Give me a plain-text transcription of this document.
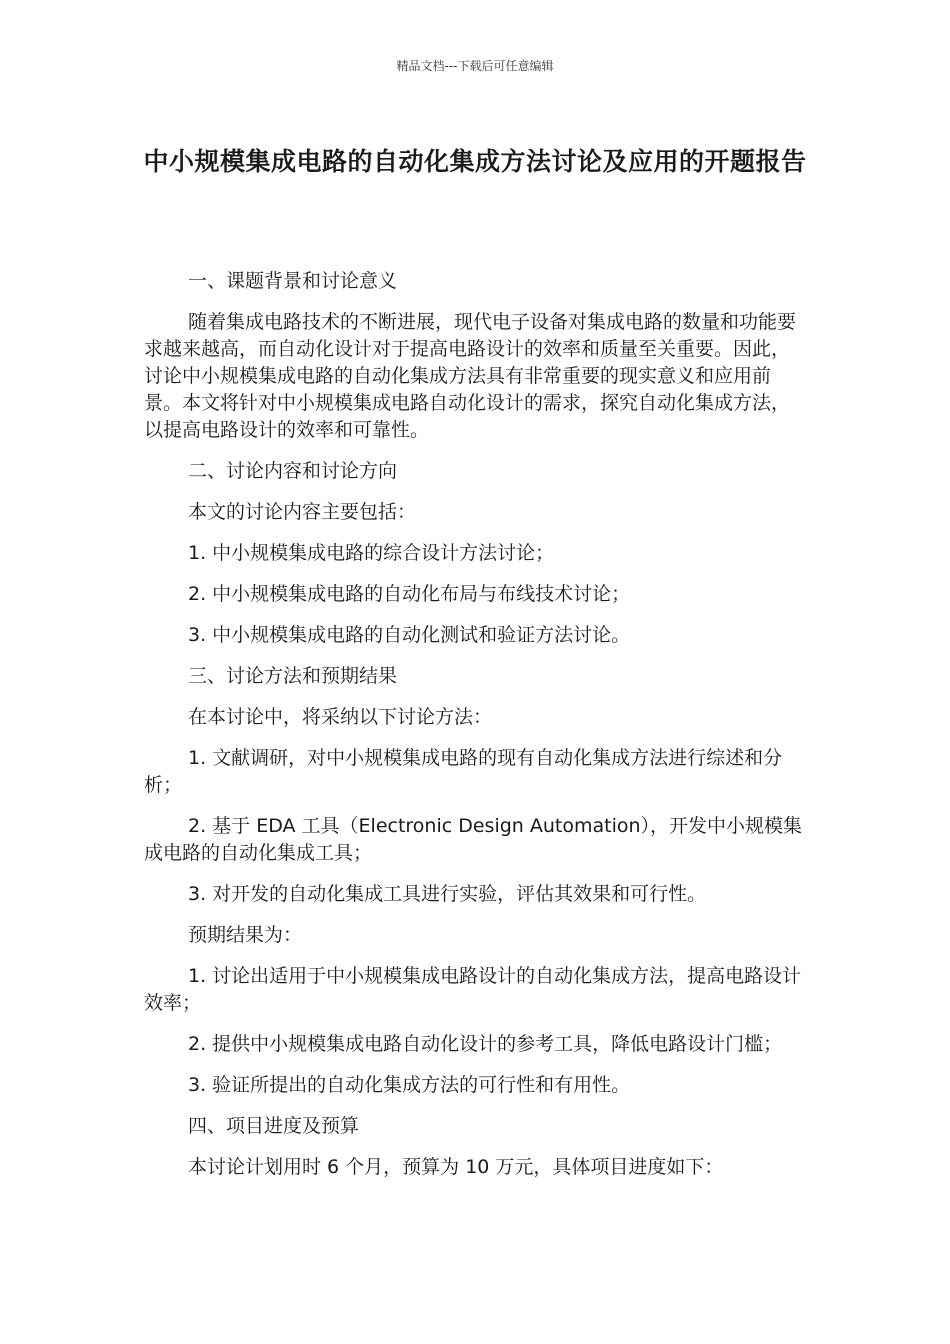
精品文档---下载后可任意编辑
中小规模集成电路的自动化集成方法讨论及应用的开题报告

一、课题背景和讨论意义

随着集成电路技术的不断进展，现代电子设备对集成电路的数量和功能要求越来越高，而自动化设计对于提高电路设计的效率和质量至关重要。因此，讨论中小规模集成电路的自动化集成方法具有非常重要的现实意义和应用前景。本文将针对中小规模集成电路自动化设计的需求，探究自动化集成方法，以提高电路设计的效率和可靠性。

二、讨论内容和讨论方向

本文的讨论内容主要包括：

1. 中小规模集成电路的综合设计方法讨论；

2. 中小规模集成电路的自动化布局与布线技术讨论；

3. 中小规模集成电路的自动化测试和验证方法讨论。

三、讨论方法和预期结果

在本讨论中，将采纳以下讨论方法：

1. 文献调研，对中小规模集成电路的现有自动化集成方法进行综述和分析；

2. 基于 EDA 工具（Electronic Design Automation），开发中小规模集成电路的自动化集成工具；

3. 对开发的自动化集成工具进行实验，评估其效果和可行性。

预期结果为：

1. 讨论出适用于中小规模集成电路设计的自动化集成方法，提高电路设计效率；

2. 提供中小规模集成电路自动化设计的参考工具，降低电路设计门槛；

3. 验证所提出的自动化集成方法的可行性和有用性。

四、项目进度及预算

本讨论计划用时 6 个月，预算为 10 万元，具体项目进度如下：
